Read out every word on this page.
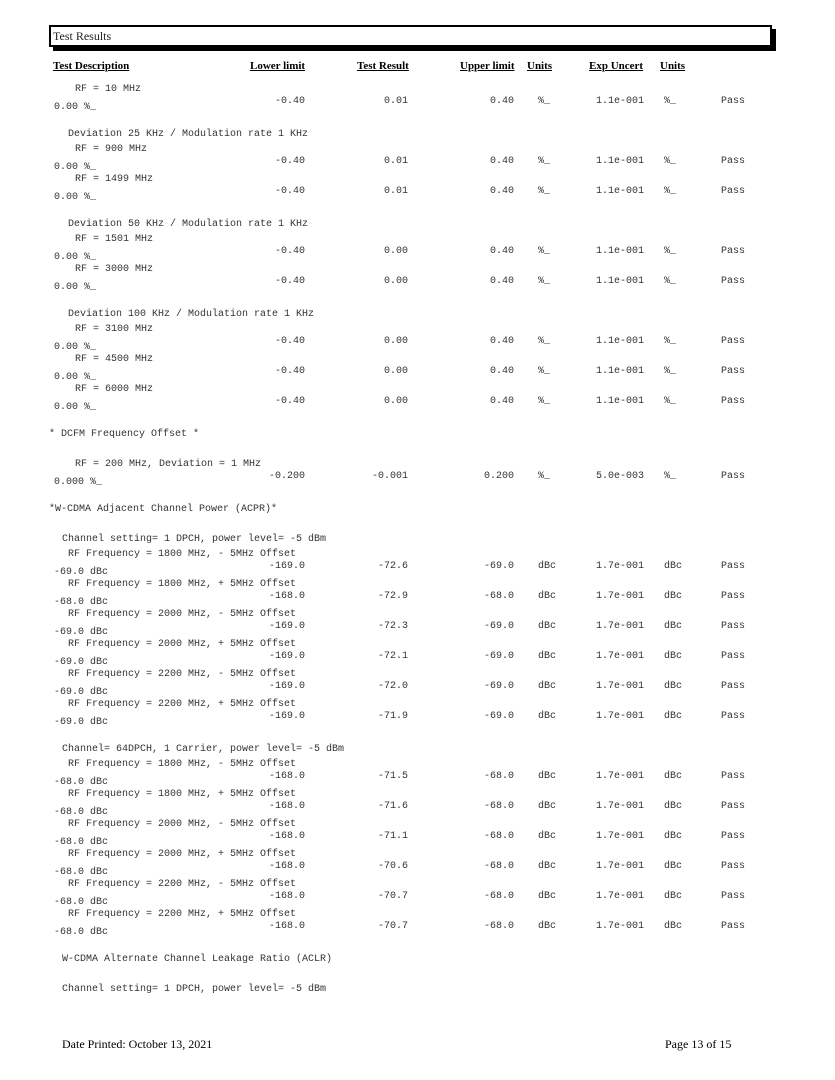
Test Results
Test Description	Lower limit	Test Result	Upper limit Units	Exp Uncert Units
RF = 10 MHz
0.00 %_
-0.40	0.01	0.40 %_	1.1e-001 %_	Pass
Deviation 25 KHz / Modulation rate 1 KHz
RF = 900 MHz
0.00 %_
-0.40	0.01	0.40 %_	1.1e-001 %_	Pass
RF = 1499 MHz
0.00 %_
-0.40	0.01	0.40 %_	1.1e-001 %_	Pass
Deviation 50 KHz / Modulation rate 1 KHz
RF = 1501 MHz
0.00 %_
-0.40	0.00	0.40 %_	1.1e-001 %_	Pass
RF = 3000 MHz
0.00 %_
-0.40	0.00	0.40 %_	1.1e-001 %_	Pass
Deviation 100 KHz / Modulation rate 1 KHz
RF = 3100 MHz
0.00 %_
-0.40	0.00	0.40 %_	1.1e-001 %_	Pass
RF = 4500 MHz
0.00 %_
-0.40	0.00	0.40 %_	1.1e-001 %_	Pass
RF = 6000 MHz
0.00 %_
-0.40	0.00	0.40 %_	1.1e-001 %_	Pass
* DCFM Frequency Offset *
RF = 200 MHz, Deviation = 1 MHz
0.000 %_
-0.200	-0.001	0.200 %_	5.0e-003 %_	Pass
*W-CDMA Adjacent Channel Power (ACPR)*
Channel setting= 1 DPCH, power level= -5 dBm
RF Frequency = 1800 MHz, - 5MHz Offset
-69.0 dBc
-169.0	-72.6	-69.0 dBc	1.7e-001 dBc	Pass
RF Frequency = 1800 MHz, + 5MHz Offset
-68.0 dBc
-168.0	-72.9	-68.0 dBc	1.7e-001 dBc	Pass
RF Frequency = 2000 MHz, - 5MHz Offset
-69.0 dBc
-169.0	-72.3	-69.0 dBc	1.7e-001 dBc	Pass
RF Frequency = 2000 MHz, + 5MHz Offset
-69.0 dBc
-169.0	-72.1	-69.0 dBc	1.7e-001 dBc	Pass
RF Frequency = 2200 MHz, - 5MHz Offset
-69.0 dBc
-169.0	-72.0	-69.0 dBc	1.7e-001 dBc	Pass
RF Frequency = 2200 MHz, + 5MHz Offset
-69.0 dBc
-169.0	-71.9	-69.0 dBc	1.7e-001 dBc	Pass
Channel= 64DPCH, 1 Carrier, power level= -5 dBm
RF Frequency = 1800 MHz, - 5MHz Offset
-68.0 dBc
-168.0	-71.5	-68.0 dBc	1.7e-001 dBc	Pass
RF Frequency = 1800 MHz, + 5MHz Offset
-68.0 dBc
-168.0	-71.6	-68.0 dBc	1.7e-001 dBc	Pass
RF Frequency = 2000 MHz, - 5MHz Offset
-68.0 dBc
-168.0	-71.1	-68.0 dBc	1.7e-001 dBc	Pass
RF Frequency = 2000 MHz, + 5MHz Offset
-68.0 dBc
-168.0	-70.6	-68.0 dBc	1.7e-001 dBc	Pass
RF Frequency = 2200 MHz, - 5MHz Offset
-68.0 dBc
-168.0	-70.7	-68.0 dBc	1.7e-001 dBc	Pass
RF Frequency = 2200 MHz, + 5MHz Offset
-68.0 dBc
-168.0	-70.7	-68.0 dBc	1.7e-001 dBc	Pass
W-CDMA Alternate Channel Leakage Ratio (ACLR)
Channel setting= 1 DPCH, power level= -5 dBm
Date Printed: October 13, 2021	Page 13 of 15
